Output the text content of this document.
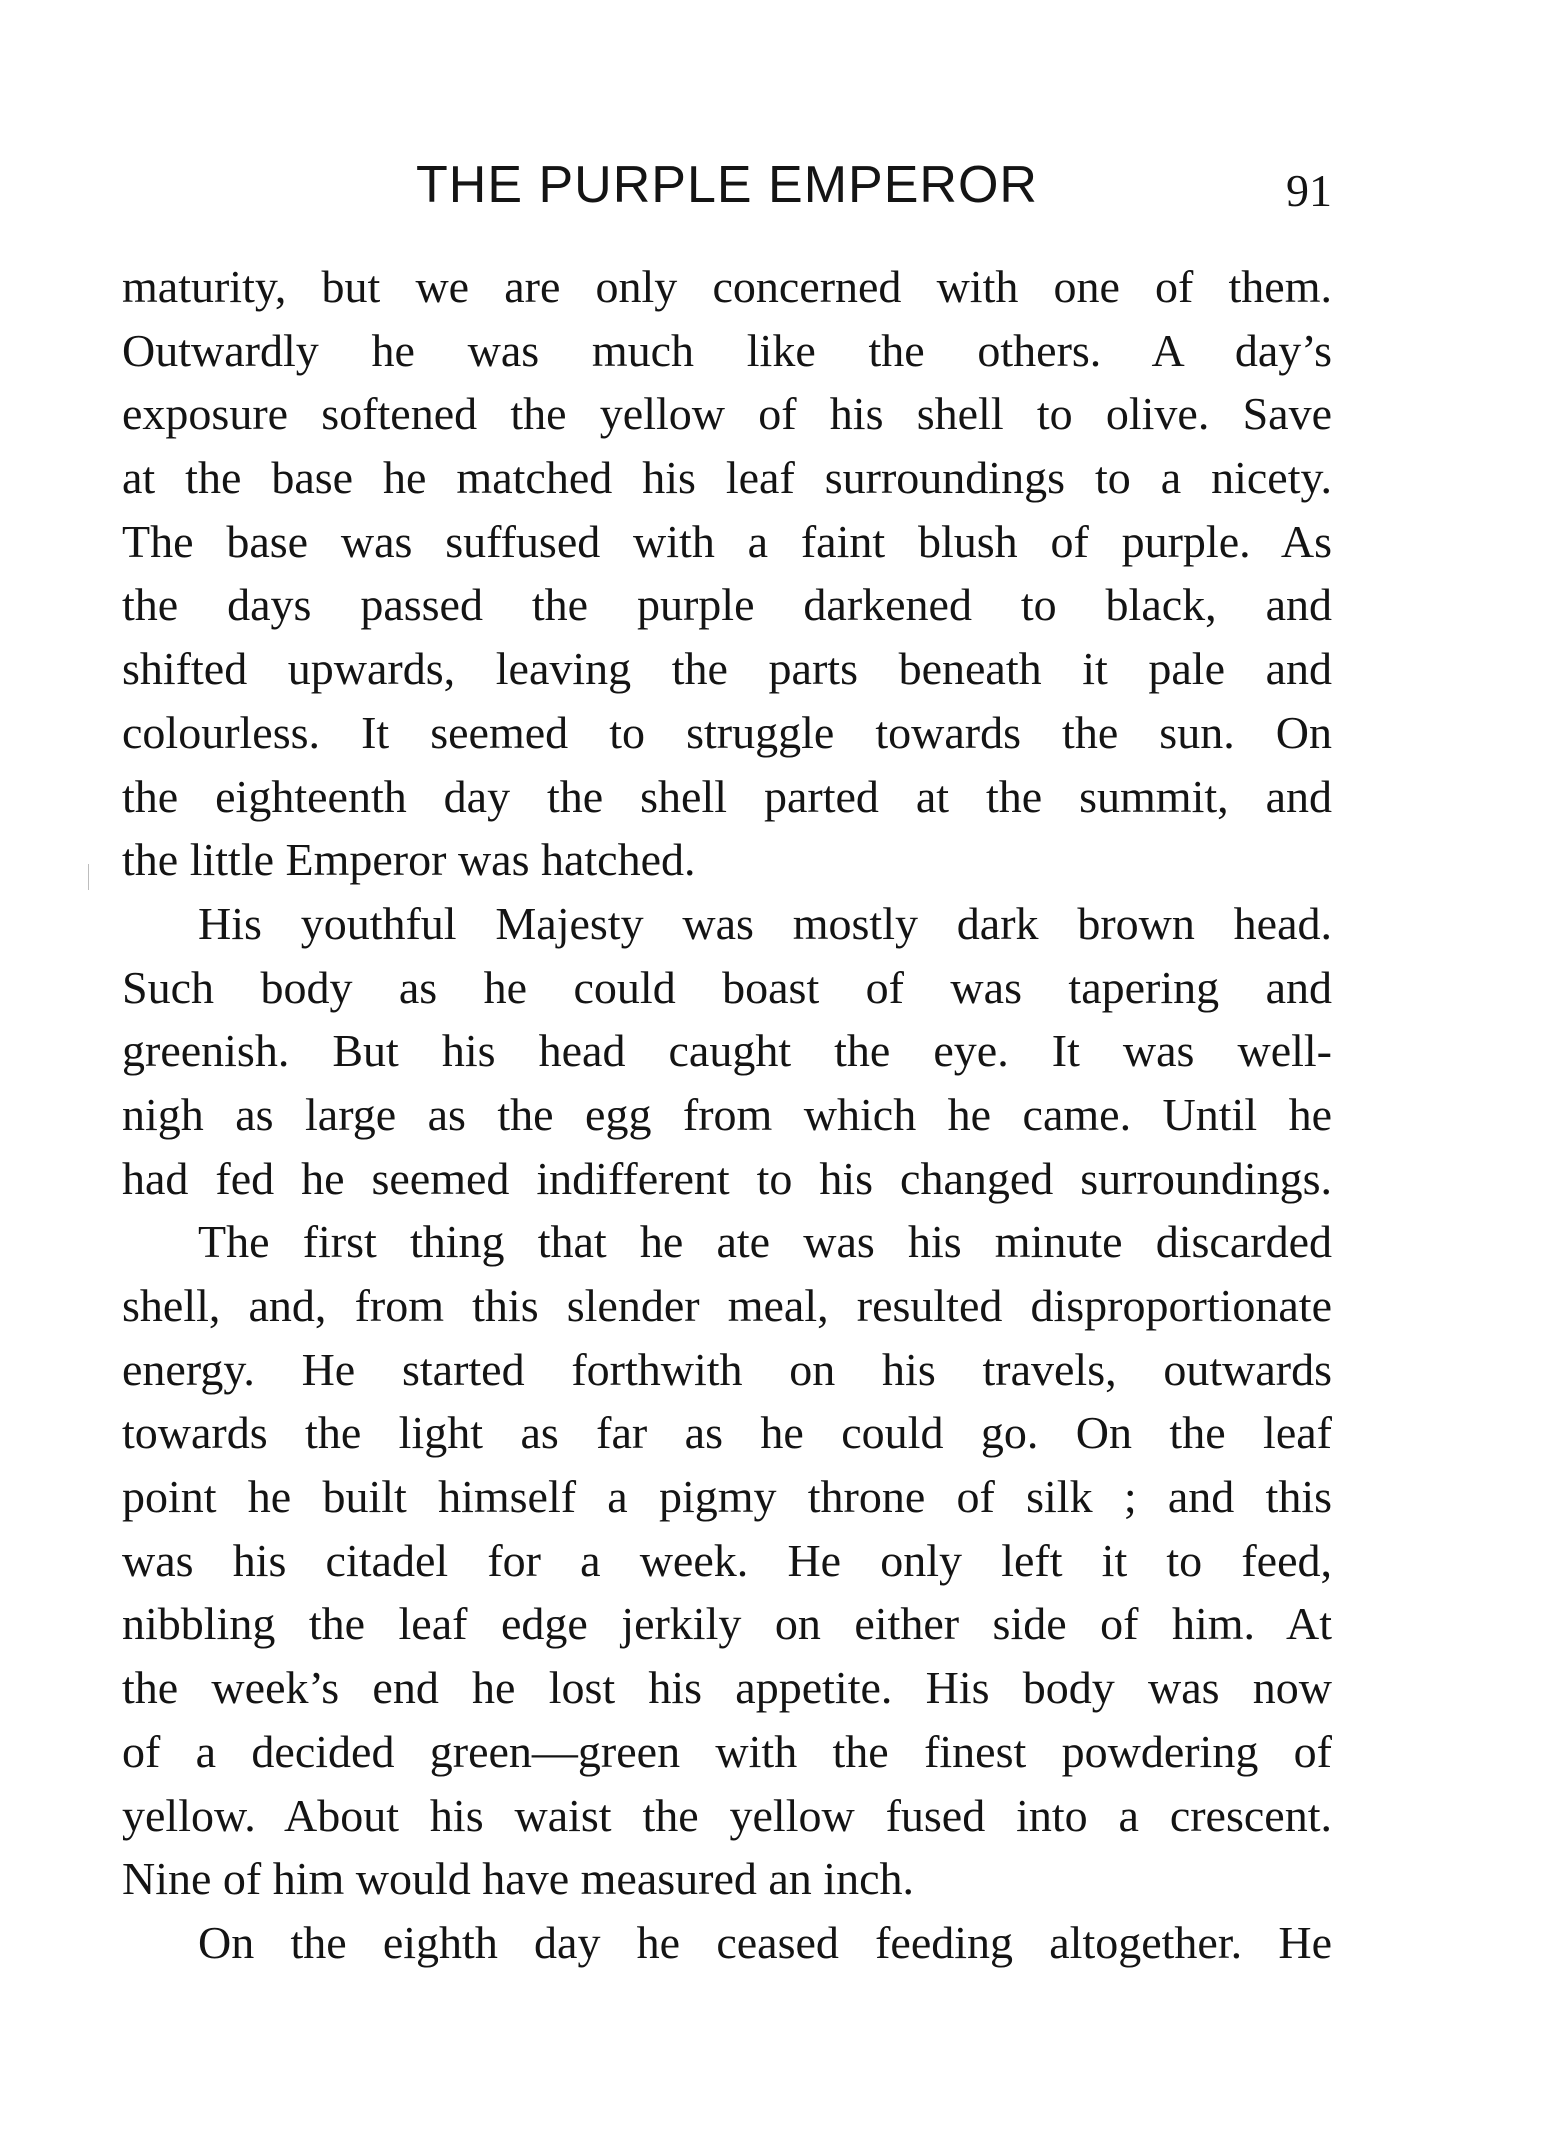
THE PURPLE EMPEROR	91
maturity, but we are only concerned with one of them.
Outwardly he was much like the others. A day’s
exposure softened the yellow of his shell to olive. Save
at the base he matched his leaf surroundings to a nicety.
The base was suffused with a faint blush of purple. As
the days passed the purple darkened to black, and
shifted upwards, leaving the parts beneath it pale and
colourless. It seemed to struggle towards the sun. On
the eighteenth day the shell parted at the summit, and
the little Emperor was hatched.
His youthful Majesty was mostly dark brown head.
Such body as he could boast of was tapering and
greenish. But his head caught the eye. It was well-
nigh as large as the egg from which he came. Until he
had fed he seemed indifferent to his changed surroundings.
The first thing that he ate was his minute discarded
shell, and, from this slender meal, resulted disproportionate
energy. He started forthwith on his travels, outwards
towards the light as far as he could go. On the leaf
point he built himself a pigmy throne of silk ; and this
was his citadel for a week. He only left it to feed,
nibbling the leaf edge jerkily on either side of him. At
the week’s end he lost his appetite. His body was now
of a decided green—green with the finest powdering of
yellow. About his waist the yellow fused into a crescent.
Nine of him would have measured an inch.
On the eighth day he ceased feeding altogether. He
